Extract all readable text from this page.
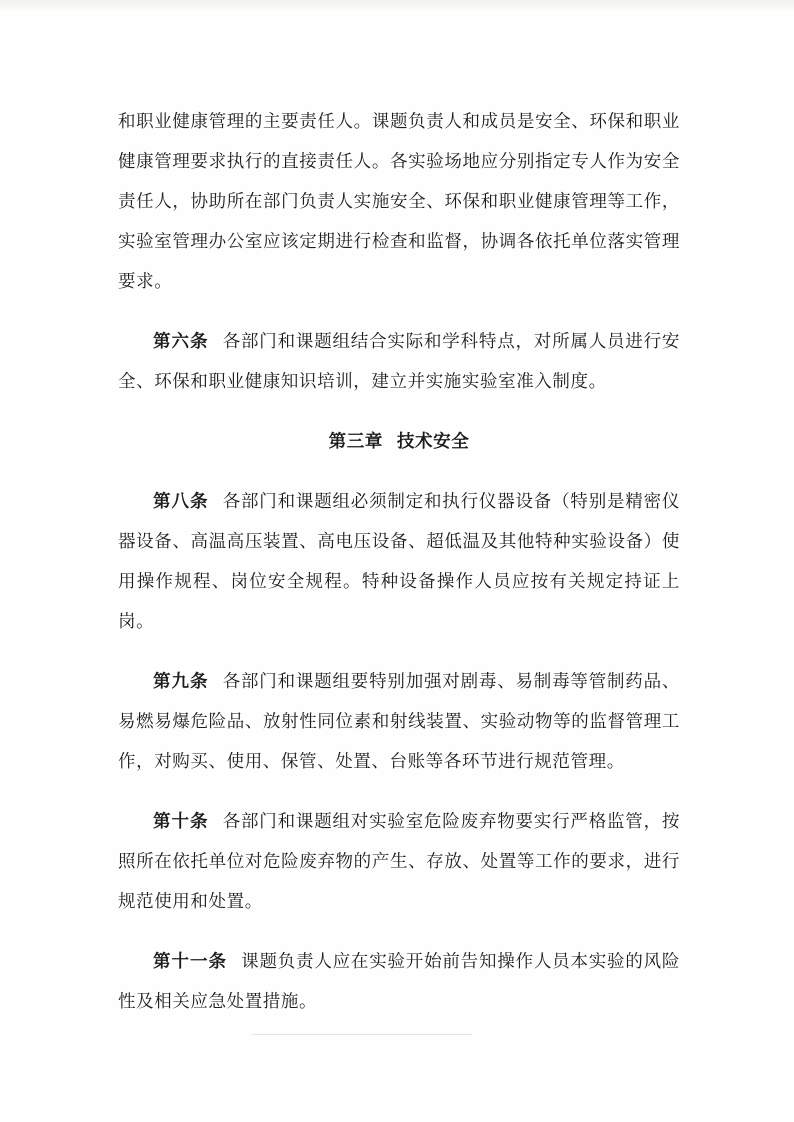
和职业健康管理的主要责任人。课题负责人和成员是安全、环保和职业健康管理要求执行的直接责任人。各实验场地应分别指定专人作为安全责任人，协助所在部门负责人实施安全、环保和职业健康管理等工作，实验室管理办公室应该定期进行检查和监督，协调各依托单位落实管理要求。

第六条 各部门和课题组结合实际和学科特点，对所属人员进行安全、环保和职业健康知识培训，建立并实施实验室准入制度。

第三章 技术安全

第八条 各部门和课题组必须制定和执行仪器设备（特别是精密仪器设备、高温高压装置、高电压设备、超低温及其他特种实验设备）使用操作规程、岗位安全规程。特种设备操作人员应按有关规定持证上岗。

第九条 各部门和课题组要特别加强对剧毒、易制毒等管制药品、易燃易爆危险品、放射性同位素和射线装置、实验动物等的监督管理工作，对购买、使用、保管、处置、台账等各环节进行规范管理。

第十条 各部门和课题组对实验室危险废弃物要实行严格监管，按照所在依托单位对危险废弃物的产生、存放、处置等工作的要求，进行规范使用和处置。

第十一条 课题负责人应在实验开始前告知操作人员本实验的风险性及相关应急处置措施。
